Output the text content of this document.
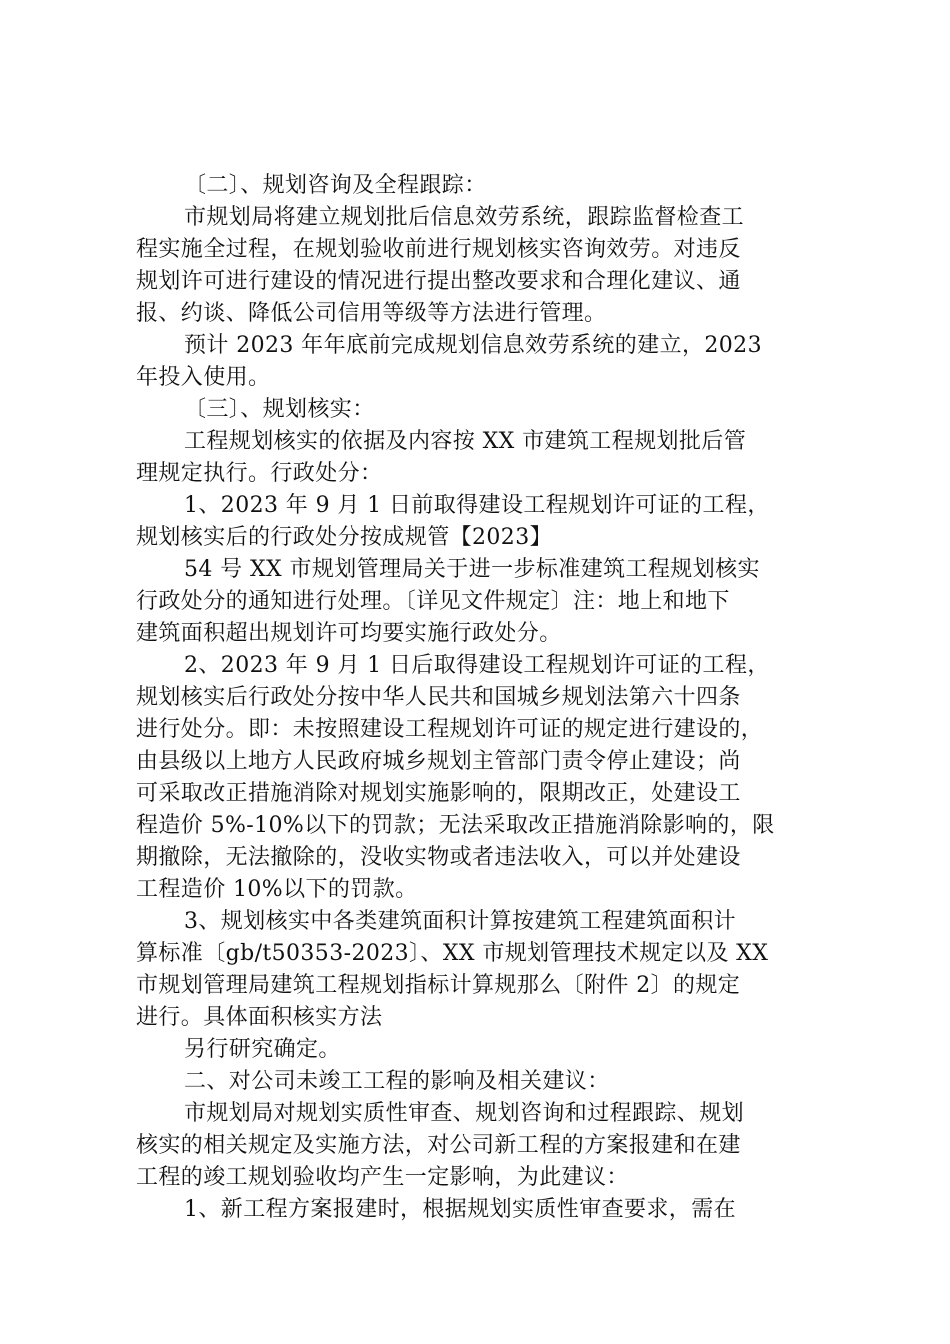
〔二〕、规划咨询及全程跟踪：

市规划局将建立规划批后信息效劳系统，跟踪监督检查工

程实施全过程，在规划验收前进行规划核实咨询效劳。对违反

规划许可进行建设的情况进行提出整改要求和合理化建议、通

报、约谈、降低公司信用等级等方法进行管理。

预计 2023 年年底前完成规划信息效劳系统的建立，2023

年投入使用。

〔三〕、规划核实：

工程规划核实的依据及内容按 XX 市建筑工程规划批后管

理规定执行。行政处分：

1、2023 年 9 月 1 日前取得建设工程规划许可证的工程，

规划核实后的行政处分按成规管【2023】

54 号 XX 市规划管理局关于进一步标准建筑工程规划核实

行政处分的通知进行处理。〔详见文件规定〕注：地上和地下

建筑面积超出规划许可均要实施行政处分。

2、2023 年 9 月 1 日后取得建设工程规划许可证的工程，

规划核实后行政处分按中华人民共和国城乡规划法第六十四条

进行处分。即：未按照建设工程规划许可证的规定进行建设的，

由县级以上地方人民政府城乡规划主管部门责令停止建设；尚

可采取改正措施消除对规划实施影响的，限期改正，处建设工

程造价 5%-10%以下的罚款；无法采取改正措施消除影响的，限

期撤除，无法撤除的，没收实物或者违法收入，可以并处建设

工程造价 10%以下的罚款。

3、规划核实中各类建筑面积计算按建筑工程建筑面积计

算标准〔gb/t50353-2023〕、XX 市规划管理技术规定以及 XX

市规划管理局建筑工程规划指标计算规那么〔附件 2〕的规定

进行。具体面积核实方法

另行研究确定。

二、对公司未竣工工程的影响及相关建议：

市规划局对规划实质性审查、规划咨询和过程跟踪、规划

核实的相关规定及实施方法，对公司新工程的方案报建和在建

工程的竣工规划验收均产生一定影响，为此建议：

1、新工程方案报建时，根据规划实质性审查要求，需在
